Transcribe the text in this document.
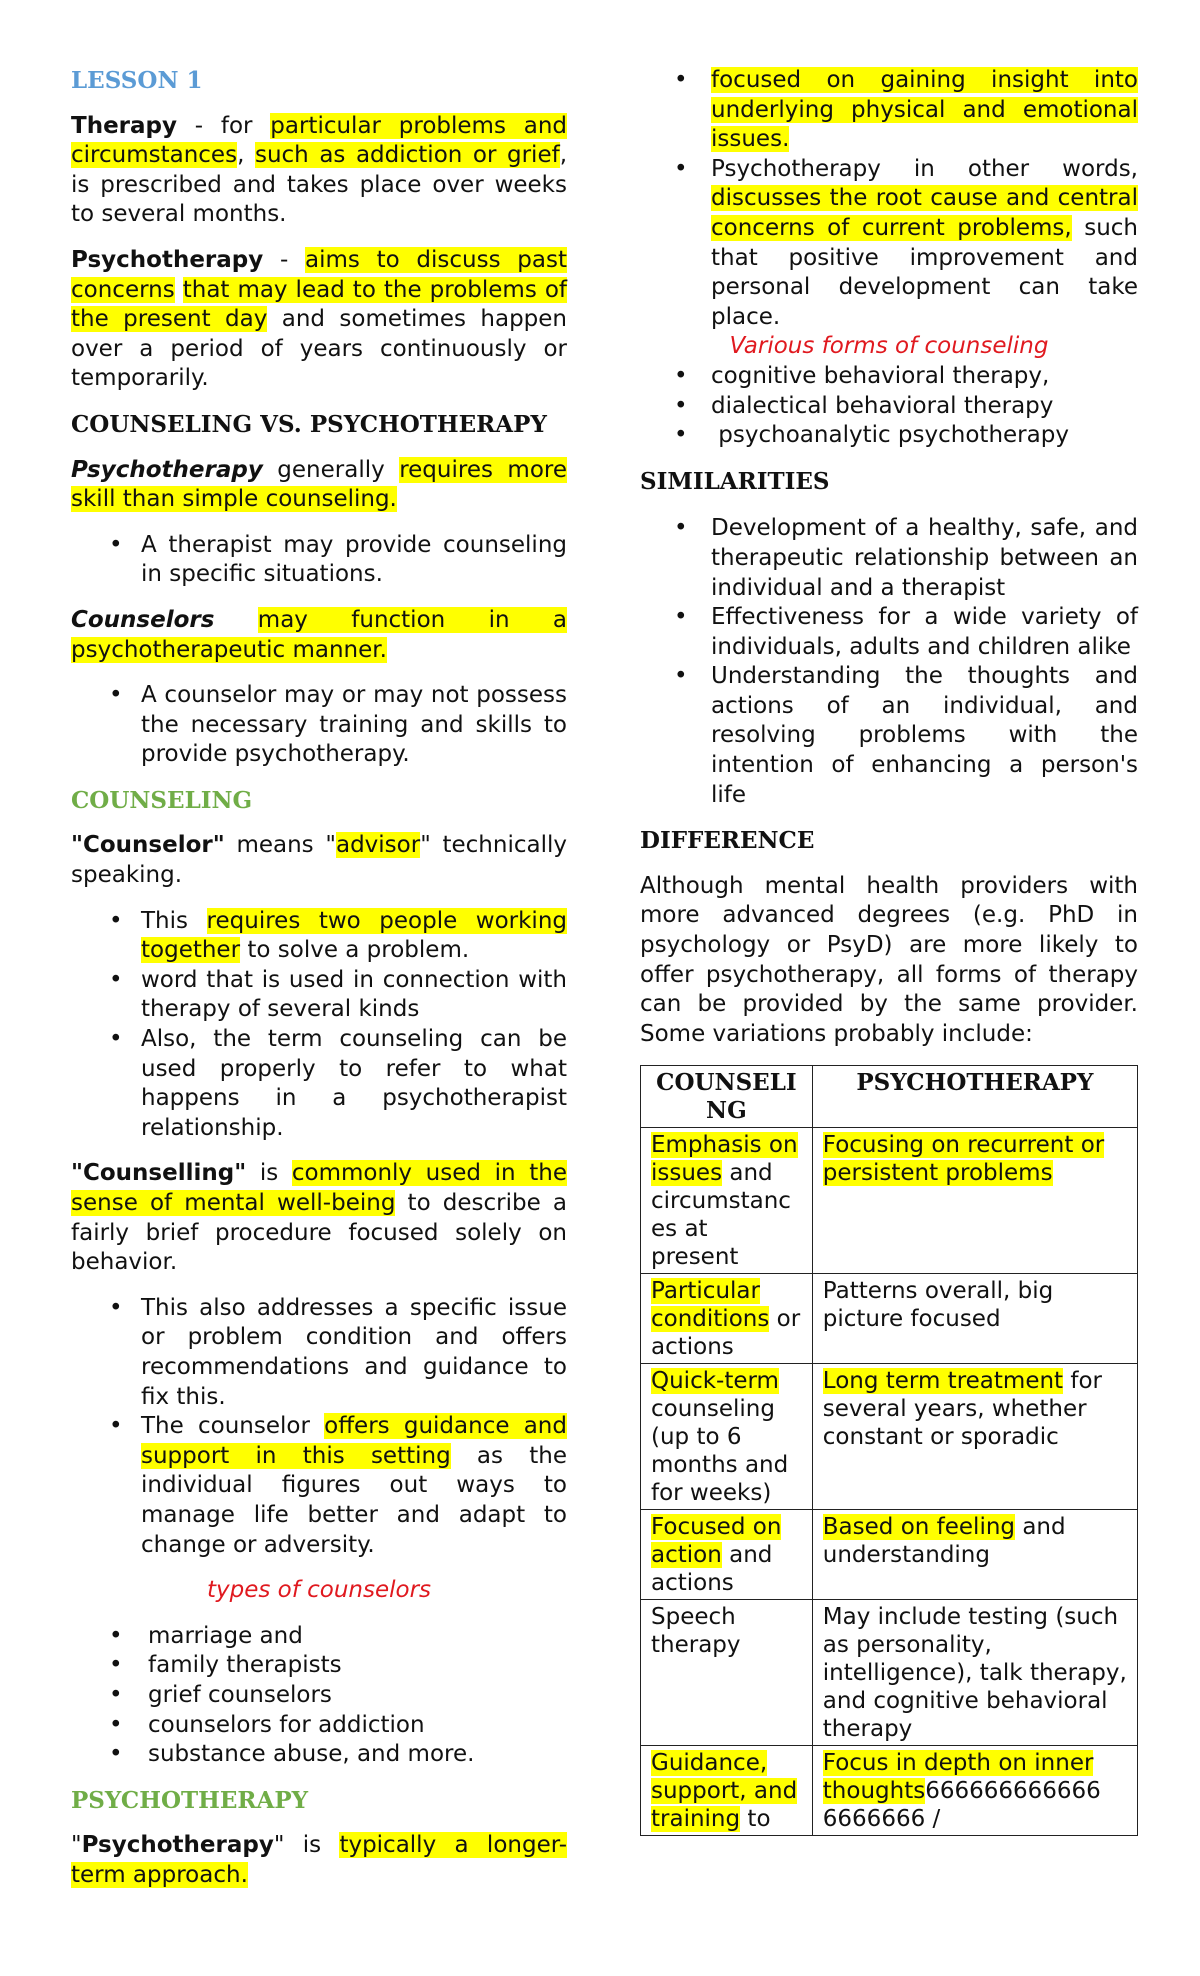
LESSON 1

Therapy - for particular problems and circumstances, such as addiction or grief, is prescribed and takes place over weeks to several months.

Psychotherapy - aims to discuss past concerns that may lead to the problems of the present day and sometimes happen over a period of years continuously or temporarily.

COUNSELING VS. PSYCHOTHERAPY

Psychotherapy generally requires more skill than simple counseling.

• A therapist may provide counseling in specific situations.

Counselors may function in a psychotherapeutic manner.

• A counselor may or may not possess the necessary training and skills to provide psychotherapy.
COUNSELING

"Counselor" means "advisor" technically speaking.

• This requires two people working together to solve a problem.
• word that is used in connection with therapy of several kinds
• Also, the term counseling can be used properly to refer to what happens in a psychotherapist relationship.

"Counselling" is commonly used in the sense of mental well-being to describe a fairly brief procedure focused solely on behavior.

• This also addresses a specific issue or problem condition and offers recommendations and guidance to fix this.
• The counselor offers guidance and support in this setting as the individual figures out ways to manage life better and adapt to change or adversity.
types of counselors
• marriage and
• family therapists
• grief counselors
• counselors for addiction
• substance abuse, and more.
PSYCHOTHERAPY

"Psychotherapy" is typically a longer-term approach.

• focused on gaining insight into underlying physical and emotional issues.
• Psychotherapy in other words, discusses the root cause and central concerns of current problems, such that positive improvement and personal development can take place.
Various forms of counseling
• cognitive behavioral therapy,
• dialectical behavioral therapy
•  psychoanalytic psychotherapy
SIMILARITIES
• Development of a healthy, safe, and therapeutic relationship between an individual and a therapist
• Effectiveness for a wide variety of individuals, adults and children alike
• Understanding the thoughts and actions of an individual, and resolving problems with the intention of enhancing a person's life
DIFFERENCE

Although mental health providers with more advanced degrees (e.g. PhD in psychology or PsyD) are more likely to offer psychotherapy, all forms of therapy can be provided by the same provider. Some variations probably include:

COUNSELI NG	PSYCHOTHERAPY
Emphasis on issues and circumstanc es at present	Focusing on recurrent or persistent problems
Particular conditions or actions	Patterns overall, big picture focused
Quick-term counseling (up to 6 months and for weeks)	Long term treatment for several years, whether constant or sporadic
Focused on action and actions	Based on feeling and understanding
Speech therapy	May include testing (such as personality, intelligence), talk therapy, and cognitive behavioral therapy
Guidance, support, and training to	Focus in depth on inner thoughts666666666666 6666666 /
